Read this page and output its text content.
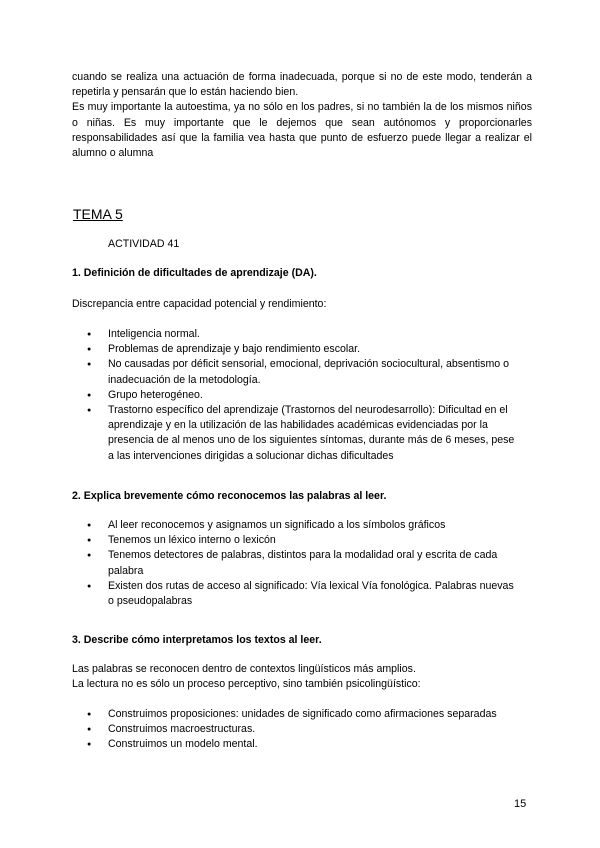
cuando se realiza una actuación de forma inadecuada, porque si no de este modo, tenderán a repetirla y pensarán que lo están haciendo bien.

Es muy importante la autoestima, ya no sólo en los padres, si no también la de los mismos niños o niñas. Es muy importante que le dejemos que sean autónomos y proporcionarles responsabilidades así que la familia vea hasta que punto de esfuerzo puede llegar a realizar el alumno o alumna

TEMA 5
ACTIVIDAD 41
1. Definición de dificultades de aprendizaje (DA).
Discrepancia entre capacidad potencial y rendimiento:
● Inteligencia normal.
● Problemas de aprendizaje y bajo rendimiento escolar.
● No causadas por déficit sensorial, emocional, deprivación sociocultural, absentismo o inadecuación de la metodología.
● Grupo heterogéneo.
● Trastorno específico del aprendizaje (Trastornos del neurodesarrollo): Dificultad en el aprendizaje y en la utilización de las habilidades académicas evidenciadas por la presencia de al menos uno de los siguientes síntomas, durante más de 6 meses, pese a las intervenciones dirigidas a solucionar dichas dificultades
2. Explica brevemente cómo reconocemos las palabras al leer.
● Al leer reconocemos y asignamos un significado a los símbolos gráficos
● Tenemos un léxico interno o lexicón
● Tenemos detectores de palabras, distintos para la modalidad oral y escrita de cada palabra
● Existen dos rutas de acceso al significado: Vía lexical Vía fonológica. Palabras nuevas o pseudopalabras
3. Describe cómo interpretamos los textos al leer.

Las palabras se reconocen dentro de contextos lingüísticos más amplios.

La lectura no es sólo un proceso perceptivo, sino también psicolingüístico:

● Construimos proposiciones: unidades de significado como afirmaciones separadas
● Construimos macroestructuras.
● Construimos un modelo mental.
15
